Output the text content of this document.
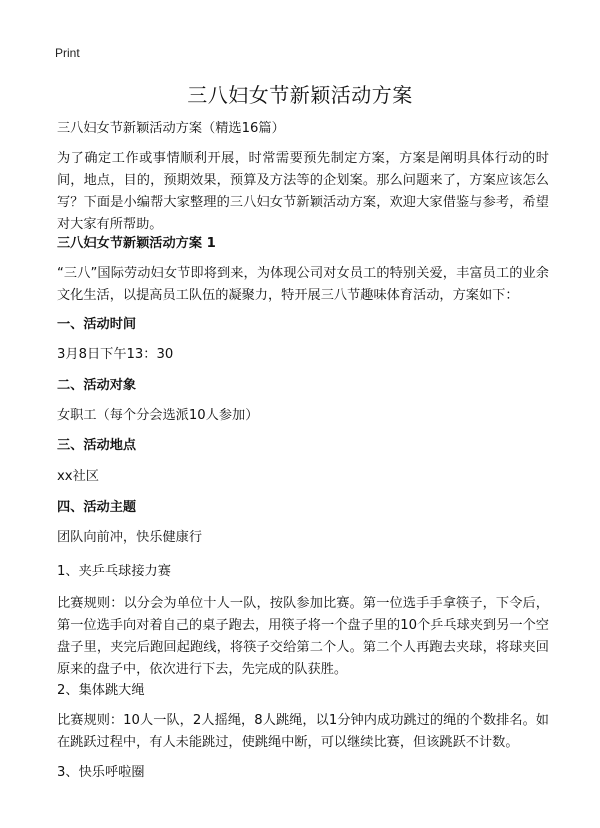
Print
三八妇女节新颖活动方案
三八妇女节新颖活动方案（精选16篇）
为了确定工作或事情顺利开展，时常需要预先制定方案，方案是阐明具体行动的时间，地点，目的，预期效果，预算及方法等的企划案。那么问题来了，方案应该怎么写？下面是小编帮大家整理的三八妇女节新颖活动方案，欢迎大家借鉴与参考，希望对大家有所帮助。
三八妇女节新颖活动方案 1
“三八”国际劳动妇女节即将到来，为体现公司对女员工的特别关爱，丰富员工的业余文化生活，以提高员工队伍的凝聚力，特开展三八节趣味体育活动，方案如下：
一、活动时间
3月8日下午13：30
二、活动对象
女职工（每个分会选派10人参加）
三、活动地点
xx社区
四、活动主题
团队向前冲，快乐健康行
1、夹乒乓球接力赛
比赛规则：以分会为单位十人一队，按队参加比赛。第一位选手手拿筷子，下令后，第一位选手向对着自己的桌子跑去，用筷子将一个盘子里的10个乒乓球夹到另一个空盘子里，夹完后跑回起跑线，将筷子交给第二个人。第二个人再跑去夹球，将球夹回原来的盘子中，依次进行下去，先完成的队获胜。
2、集体跳大绳
比赛规则：10人一队，2人摇绳，8人跳绳，以1分钟内成功跳过的绳的个数排名。如在跳跃过程中，有人未能跳过，使跳绳中断，可以继续比赛，但该跳跃不计数。
3、快乐呼啦圈
